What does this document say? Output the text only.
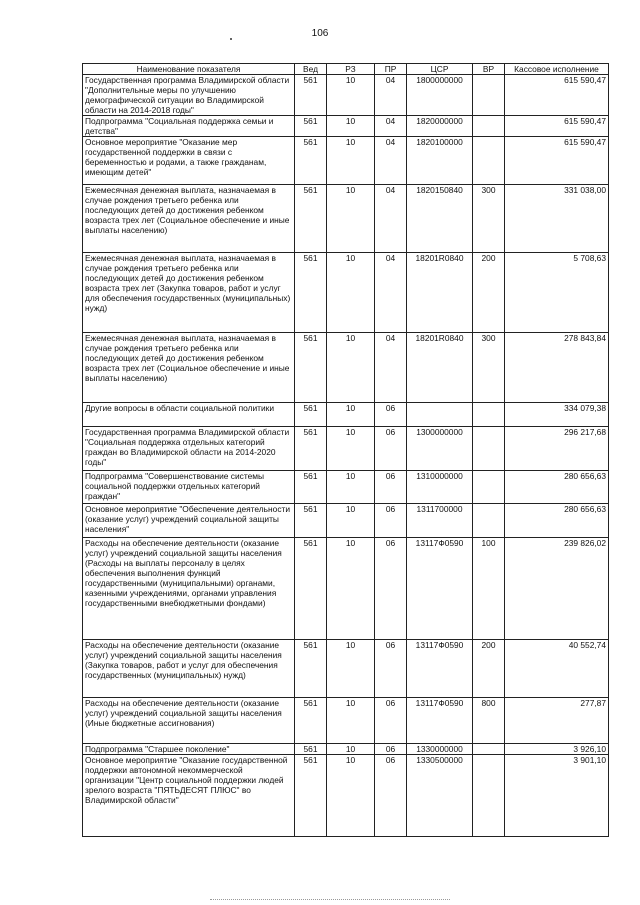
106
Наименование показателя	Вед	РЗ	ПР	ЦСР	ВР	Кассовое исполнение
Государственная программа Владимирской области "Дополнительные меры по улучшению демографической ситуации во Владимирской области на 2014-2018 годы"	561	10	04	1800000000		615 590,47
Подпрограмма "Социальная поддержка семьи и детства"	561	10	04	1820000000		615 590,47
Основное мероприятие "Оказание мер государственной поддержки в связи с беременностью и родами, а также гражданам, имеющим детей"	561	10	04	1820100000		615 590,47
Ежемесячная денежная выплата, назначаемая в случае рождения третьего ребенка или последующих детей до достижения ребенком возраста трех лет (Социальное обеспечение и иные выплаты населению)	561	10	04	1820150840	300	331 038,00
Ежемесячная денежная выплата, назначаемая в случае рождения третьего ребенка или последующих детей до достижения ребенком возраста трех лет (Закупка товаров, работ и услуг для обеспечения государственных (муниципальных) нужд)	561	10	04	18201R0840	200	5 708,63
Ежемесячная денежная выплата, назначаемая в случае рождения третьего ребенка или последующих детей до достижения ребенком возраста трех лет (Социальное обеспечение и иные выплаты населению)	561	10	04	18201R0840	300	278 843,84
Другие вопросы в области социальной политики	561	10	06			334 079,38
Государственная программа Владимирской области "Социальная поддержка отдельных категорий граждан во Владимирской области на 2014-2020 годы"	561	10	06	1300000000		296 217,68
Подпрограмма "Совершенствование системы социальной поддержки отдельных категорий граждан"	561	10	06	1310000000		280 656,63
Основное мероприятие "Обеспечение деятельности (оказание услуг) учреждений социальной защиты населения"	561	10	06	1311700000		280 656,63
Расходы на обеспечение деятельности (оказание услуг) учреждений социальной защиты населения (Расходы на выплаты персоналу в целях обеспечения выполнения функций государственными (муниципальными) органами, казенными учреждениями, органами управления государственными внебюджетными фондами)	561	10	06	13117Ф0590	100	239 826,02
Расходы на обеспечение деятельности (оказание услуг) учреждений социальной защиты населения (Закупка товаров, работ и услуг для обеспечения государственных (муниципальных) нужд)	561	10	06	13117Ф0590	200	40 552,74
Расходы на обеспечение деятельности (оказание услуг) учреждений социальной защиты населения (Иные бюджетные ассигнования)	561	10	06	13117Ф0590	800	277,87
Подпрограмма "Старшее поколение"	561	10	06	1330000000		3 926,10
Основное мероприятие "Оказание государственной поддержки автономной некоммерческой организации "Центр социальной поддержки людей зрелого возраста "ПЯТЬДЕСЯТ ПЛЮС" во Владимирской области"	561	10	06	1330500000		3 901,10
